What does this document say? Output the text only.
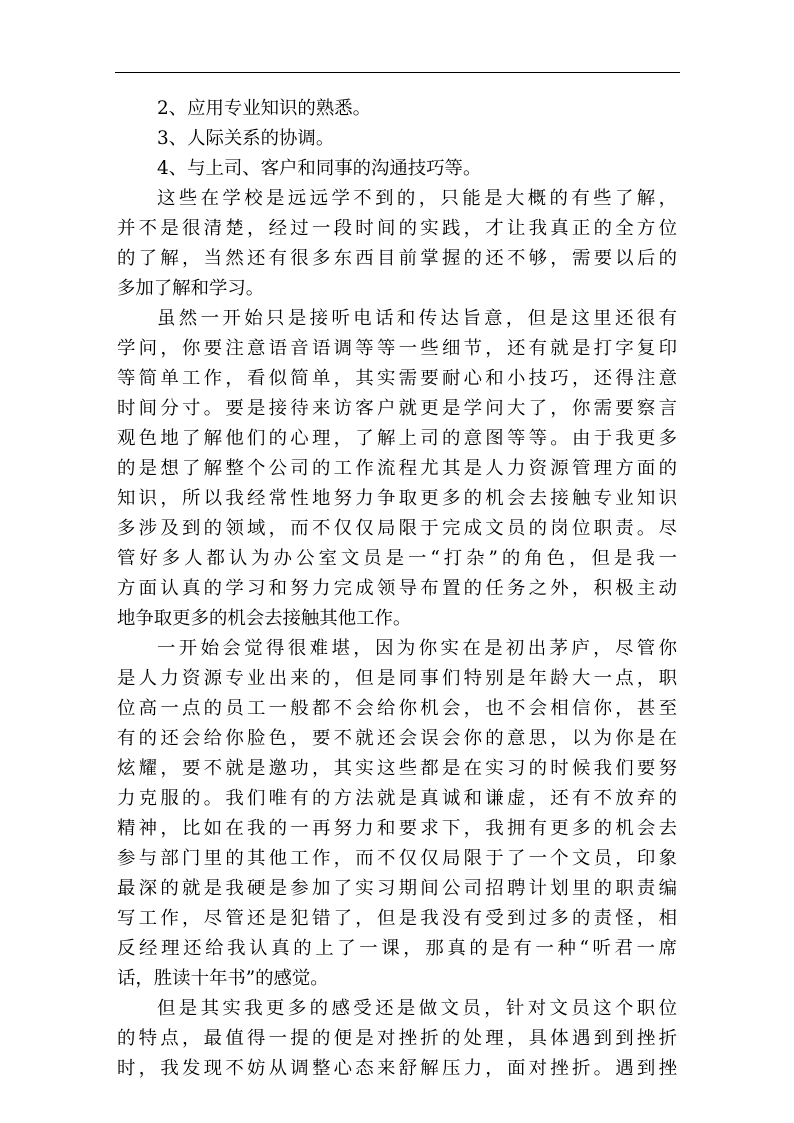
2、应用专业知识的熟悉。
3、人际关系的协调。
4、与上司、客户和同事的沟通技巧等。
这些在学校是远远学不到的，只能是大概的有些了解，
并不是很清楚，经过一段时间的实践，才让我真正的全方位
的了解，当然还有很多东西目前掌握的还不够，需要以后的
多加了解和学习。
虽然一开始只是接听电话和传达旨意，但是这里还很有
学问，你要注意语音语调等等一些细节，还有就是打字复印
等简单工作，看似简单，其实需要耐心和小技巧，还得注意
时间分寸。要是接待来访客户就更是学问大了，你需要察言
观色地了解他们的心理，了解上司的意图等等。由于我更多
的是想了解整个公司的工作流程尤其是人力资源管理方面的
知识，所以我经常性地努力争取更多的机会去接触专业知识
多涉及到的领域，而不仅仅局限于完成文员的岗位职责。尽
管好多人都认为办公室文员是一“打杂”的角色，但是我一
方面认真的学习和努力完成领导布置的任务之外，积极主动
地争取更多的机会去接触其他工作。
一开始会觉得很难堪，因为你实在是初出茅庐，尽管你
是人力资源专业出来的，但是同事们特别是年龄大一点，职
位高一点的员工一般都不会给你机会，也不会相信你，甚至
有的还会给你脸色，要不就还会误会你的意思，以为你是在
炫耀，要不就是邀功，其实这些都是在实习的时候我们要努
力克服的。我们唯有的方法就是真诚和谦虚，还有不放弃的
精神，比如在我的一再努力和要求下，我拥有更多的机会去
参与部门里的其他工作，而不仅仅局限于了一个文员，印象
最深的就是我硬是参加了实习期间公司招聘计划里的职责编
写工作，尽管还是犯错了，但是我没有受到过多的责怪，相
反经理还给我认真的上了一课，那真的是有一种“听君一席
话，胜读十年书”的感觉。
但是其实我更多的感受还是做文员，针对文员这个职位
的特点，最值得一提的便是对挫折的处理，具体遇到到挫折
时，我发现不妨从调整心态来舒解压力，面对挫折。遇到挫
